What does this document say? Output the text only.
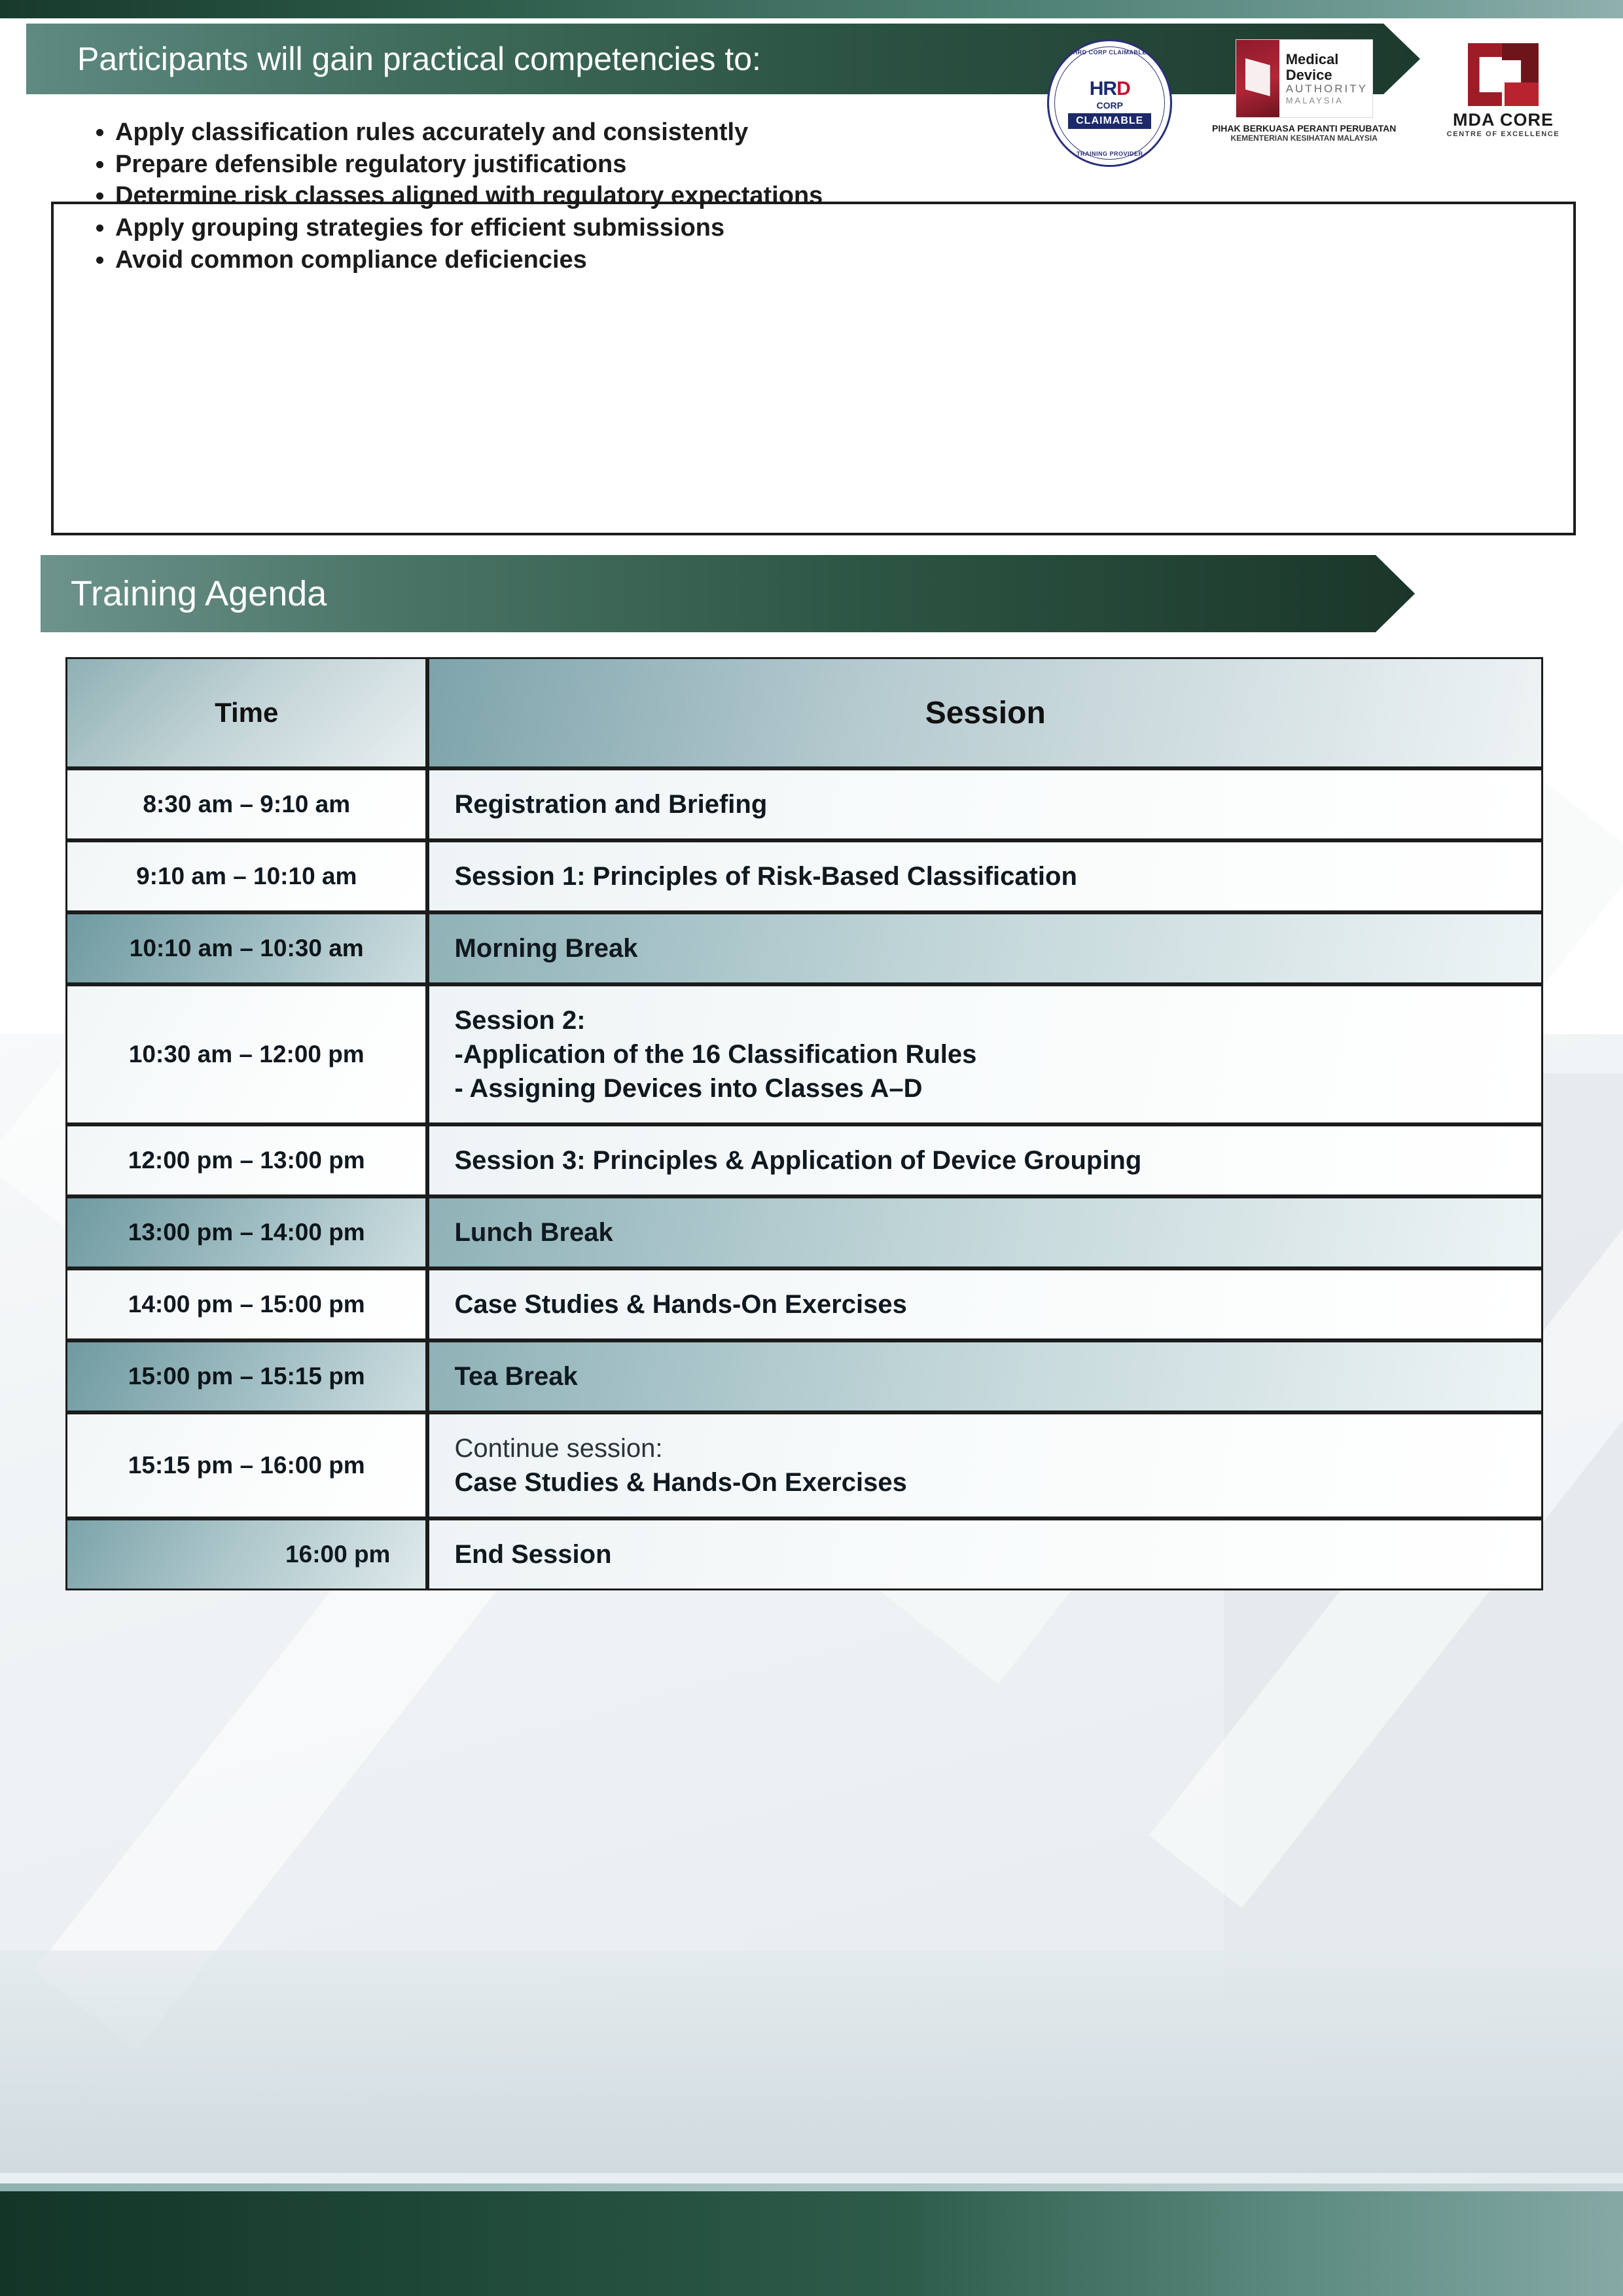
HRD CORP CLAIMABLE
HRD
CORP
CLAIMABLE
TRAINING PROVIDER
Medical Device
AUTHORITY
MALAYSIA
PIHAK BERKUASA PERANTI PERUBATAN
KEMENTERIAN KESIHATAN MALAYSIA
MDA CORE
CENTRE OF EXCELLENCE
Participants will gain practical competencies to:
• Apply classification rules accurately and consistently
• Prepare defensible regulatory justifications
• Determine risk classes aligned with regulatory expectations
• Apply grouping strategies for efficient submissions
• Avoid common compliance deficiencies
Training Agenda
Time	Session
8:30 am – 9:10 am	Registration and Briefing

9:10 am – 10:10 am	Session 1: Principles of Risk-Based Classification

10:10 am – 10:30 am	Morning Break

10:30 am – 12:00 pm	Session 2:
-Application of the 16 Classification Rules
- Assigning Devices into Classes A–D

12:00 pm – 13:00 pm	Session 3: Principles & Application of Device Grouping

13:00 pm – 14:00 pm	Lunch Break

14:00 pm – 15:00 pm	Case Studies & Hands-On Exercises

15:00 pm – 15:15 pm	Tea Break

15:15 pm – 16:00 pm	Continue session:
Case Studies & Hands-On Exercises

16:00 pm	End Session
